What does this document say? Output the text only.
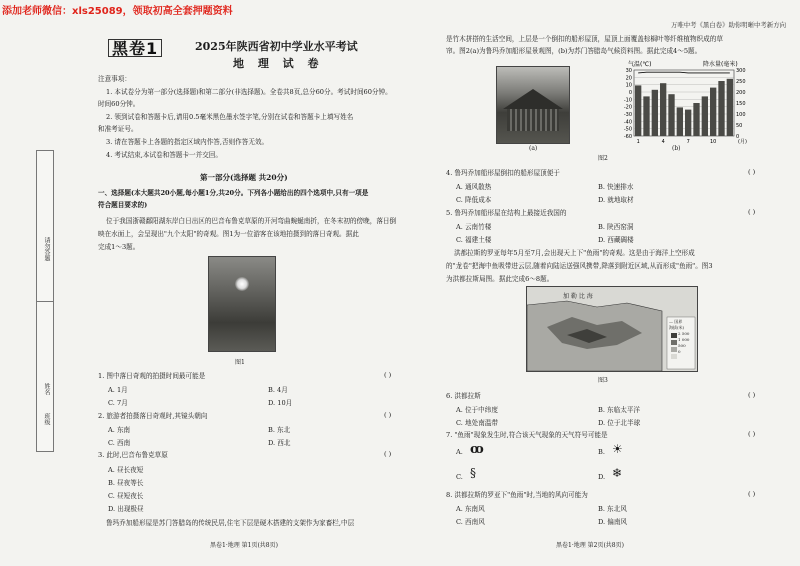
添加老师微信：xls25089，领取初高全套押题资料
万唯中考《黑白卷》助你明晰中考新方向
请勿答题
姓名
班级
黑卷1	2025年陕西省初中学业水平考试
地 理 试 卷
注意事项：
1. 本试卷分为第一部分(选择题)和第二部分(非选择题)。全卷共8页,总分60分。考试时间60分钟。
时间60分钟。
2. 领到试卷和答题卡后,请用0.5毫米黑色墨水签字笔,分别在试卷和答题卡上填写姓名
和准考证号。
3. 请在答题卡上各题的指定区域内作答,否则作答无效。
4. 考试结束,本试卷和答题卡一并交回。
第一部分(选择题 共20分)
一、选择题(本大题共20小题,每小题1分,共20分。下列各小题给出的四个选项中,只有一项是
符合题目要求的)
位于我国浙赣鄱阳湖东岸白日出区的巴音布鲁克草原的开河弯曲蜿蜒南折，在冬末初的傍晚，落日倒
映在水面上，会呈现出"九个太阳"的奇观。图1为一位游客在该地拍摄到的落日奇观。据此
完成1～3题。
图1
1. 图中落日奇观的拍摄时间最可能是	( )
A. 1月	B. 4月
C. 7月	D. 10月
2. 旅游者拍摄落日奇观时,其镜头朝向	( )
A. 东南	B. 东北
C. 西南	D. 西北
3. 此时,巴音布鲁克草原	( )
A. 昼长夜短
B. 昼夜等长
C. 昼短夜长
D. 出现极昼
鲁玛乔加船形屋是苏门答腊岛的传统民居,住宅下层是硬木搭建的支架作为家畜栏,中层
黑卷1·地理 第1页(共8页)
是竹木拼搭的生活空间，上层是一个倒扣的船形屋顶，屋顶上面覆盖棕榈叶等纤维植物织成的草
帘。图2(a)为鲁玛乔加船形屋景观图，(b)为苏门答腊岛气候资料图。据此完成4～5题。
(a)
气温(℃)	降水量(毫米)
30
20
10
0
-10
-20
-30
-40
-50
-60
300
250
200
150
100
50
0
1	4	7	10	(月)
(b)
图2
4. 鲁玛乔加船形屋倒扣的船形屋顶便于	( )
A. 通风散热	B. 快速排水
C. 降低成本	D. 就地取材
5. 鲁玛乔加船形屋在结构上最接近我国的	( )
A. 云南竹楼	B. 陕西窑洞
C. 福建土楼	D. 西藏碉楼
洪都拉斯的罗亚每年5月至7月,会出现天上下"鱼雨"的奇观。这是由于海洋上空形成
的"龙卷"把海中鱼吸带进云层,随着向陆运送强风携带,降落到附近区域,从而形成"鱼雨"。图3
为洪都拉斯局图。据此完成6～8题。
加 勒 比 海
— 国界
海拔(米)
2 500
1 000
500
0
图3
6. 洪都拉斯	( )
A. 位于中纬度	B. 东临太平洋
C. 地处南温带	D. 位于北半球
7. "鱼雨"现象发生时,符合该天气现象的天气符号可能是	( )
A. ꝏ	B. ☀
C. §	D. ❄
8. 洪都拉斯的罗亚下"鱼雨"时,当地的风向可能为	( )
A. 东南风	B. 东北风
C. 西南风	D. 偏南风
黑卷1·地理 第2页(共8页)
